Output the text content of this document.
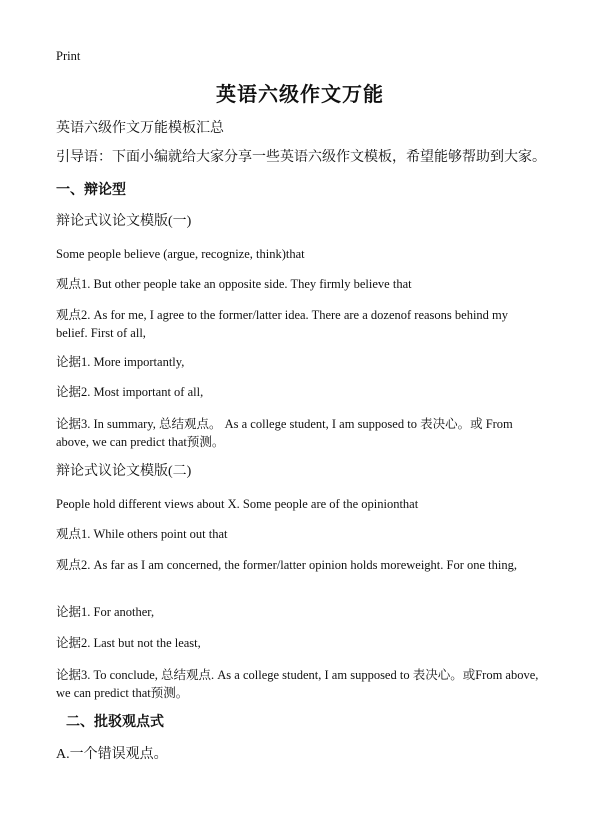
Print
英语六级作文万能
英语六级作文万能模板汇总
引导语：下面小编就给大家分享一些英语六级作文模板，希望能够帮助到大家。
一、辩论型
辩论式议论文模版(一)
Some people believe (argue, recognize, think)that
观点1. But other people take an opposite side. They firmly believe that
观点2. As for me, I agree to the former/latter idea. There are a dozenof reasons behind my belief. First of all,
论据1. More importantly,
论据2. Most important of all,
论据3. In summary, 总结观点。 As a college student, I am supposed to 表决心。或 From above, we can predict that预测。
辩论式议论文模版(二)
People hold different views about X. Some people are of the opinionthat
观点1. While others point out that
观点2. As far as I am concerned, the former/latter opinion holds moreweight. For one thing,
论据1. For another,
论据2. Last but not the least,
论据3. To conclude, 总结观点. As a college student, I am supposed to 表决心。或From above, we can predict that预测。
二、批驳观点式
A.一个错误观点。
